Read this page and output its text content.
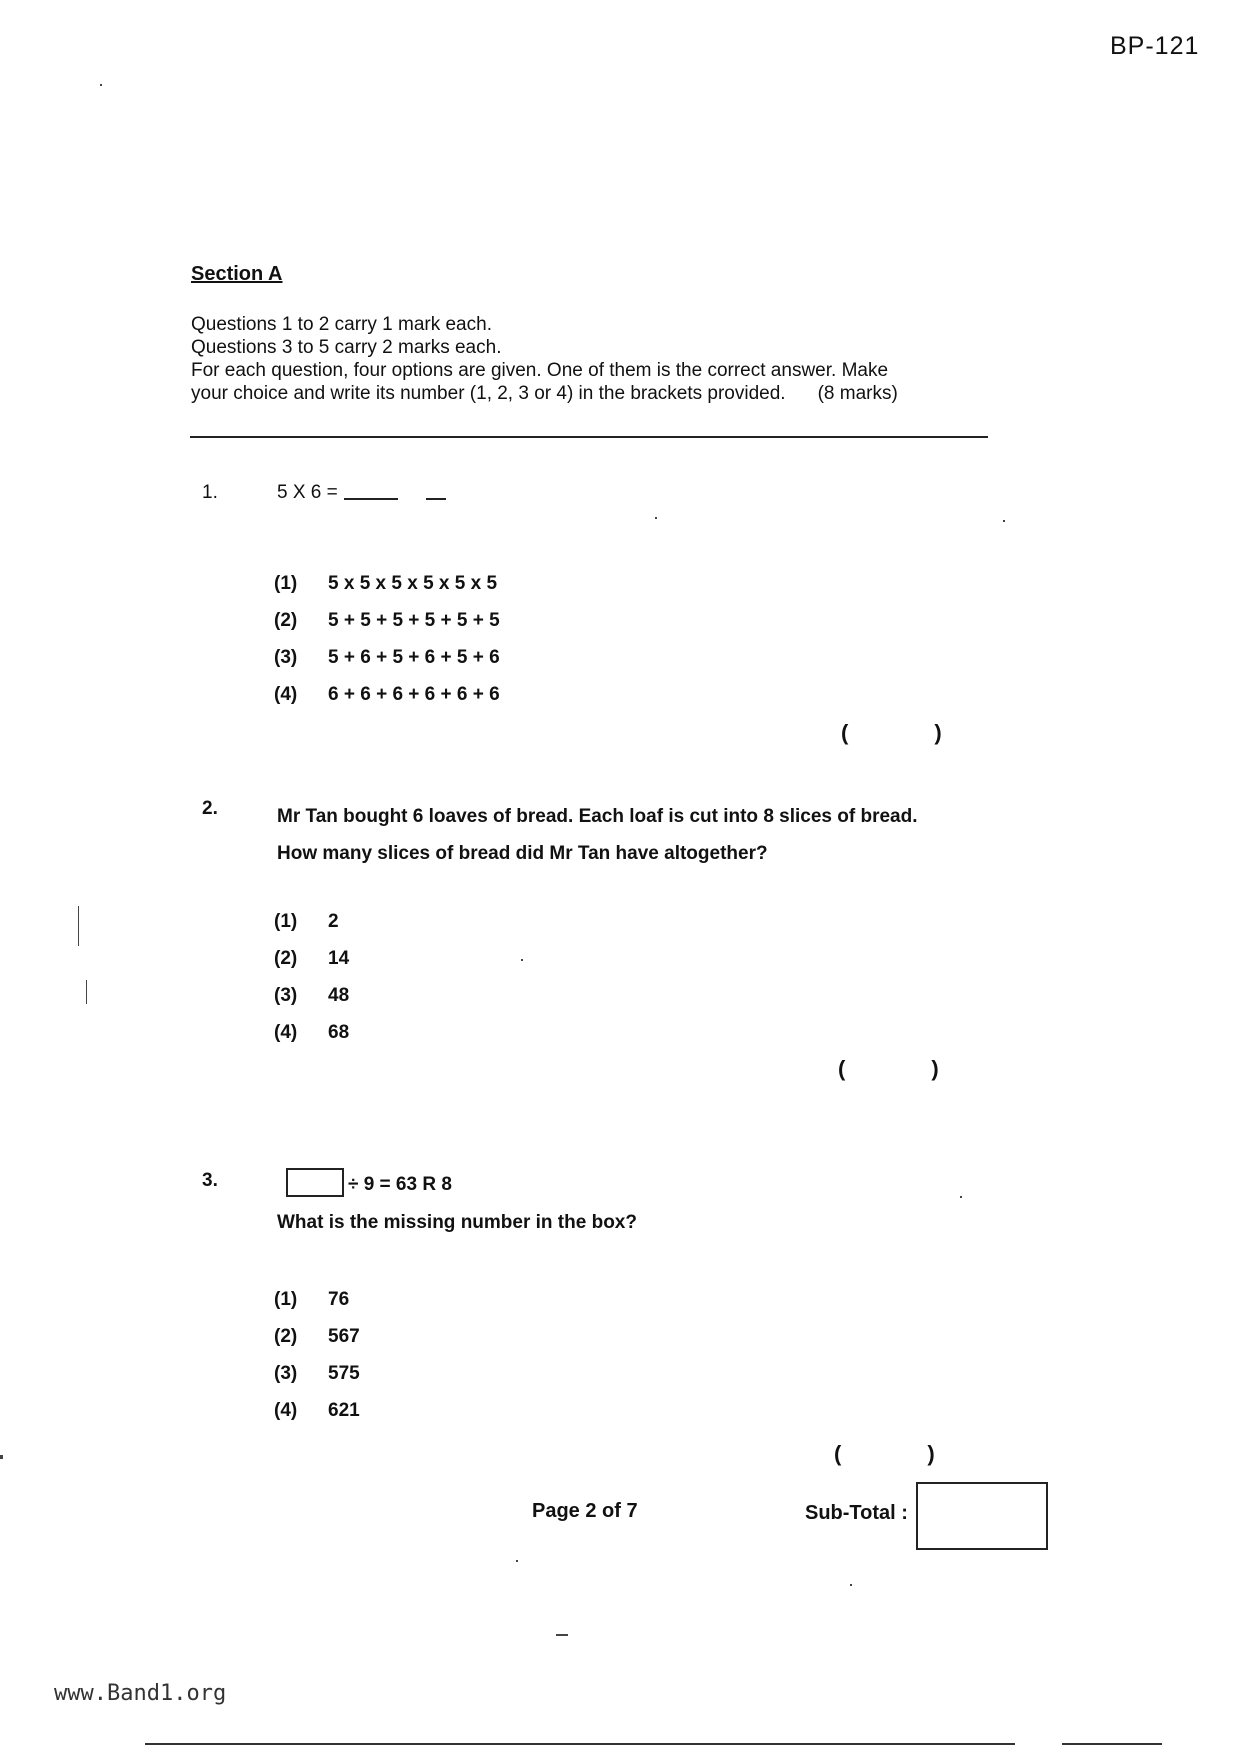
BP-121
Section A
Questions 1 to 2 carry 1 mark each.
Questions 3 to 5 carry 2 marks each.
For each question, four options are given. One of them is the correct answer. Make
your choice and write its number (1, 2, 3 or 4) in the brackets provided. (8 marks)
1.	5 X 6 =
(1)	5 x 5 x 5 x 5 x 5 x 5
(2)	5 + 5 + 5 + 5 + 5 + 5
(3)	5 + 6 + 5 + 6 + 5 + 6
(4)	6 + 6 + 6 + 6 + 6 + 6
(	)
2.	Mr Tan bought 6 loaves of bread. Each loaf is cut into 8 slices of bread.
How many slices of bread did Mr Tan have altogether?
(1)	2
(2)	14
(3)	48
(4)	68
(	)
3.	÷ 9 = 63 R 8
What is the missing number in the box?
(1)	76
(2)	567
(3)	575
(4)	621
(	)
Page 2 of 7	Sub-Total :
www.Band1.org
